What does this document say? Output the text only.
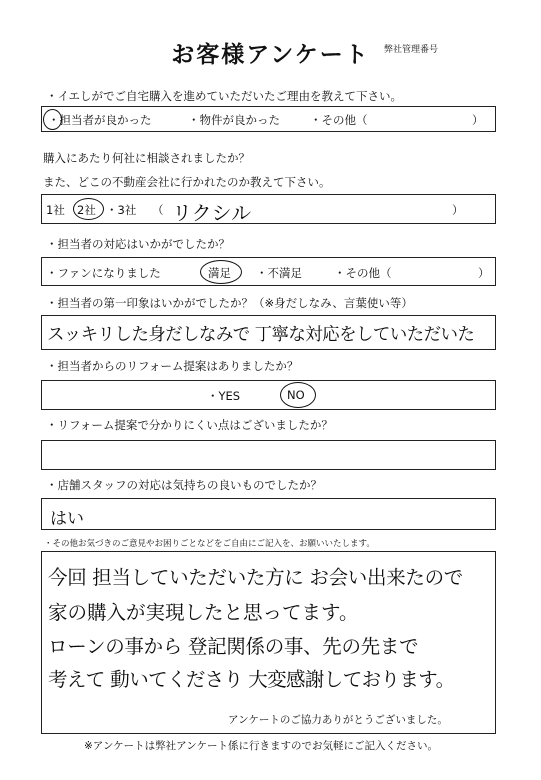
お客様アンケート	弊社管理番号
・イエしがでご自宅購入を進めていただいたご理由を教えて下さい。
・担当者が良かった	・物件が良かった	・その他（	）
購入にあたり何社に相談されましたか？
また、どこの不動産会社に行かれたのか教えて下さい。
1社 2社 ・3社 （ リクシル	）
・担当者の対応はいかがでしたか？
・ファンになりました	満足 ・不満足	・その他（	）
・担当者の第一印象はいかがでしたか？（※身だしなみ、言葉使い等）
スッキリした身だしなみで 丁寧な対応をしていただいた
・担当者からのリフォーム提案はありましたか？
・YES	NO
・リフォーム提案で分かりにくい点はございましたか？
・店舗スタッフの対応は気持ちの良いものでしたか？
はい
・その他お気づきのご意見やお困りごとなどをご自由にご記入を、お願いいたします。
今回 担当していただいた方に お会い出来たので
家の購入が実現したと思ってます。
ローンの事から 登記関係の事、先の先まで
考えて 動いてくださり 大変感謝しております。
アンケートのご協力ありがとうございました。
※アンケートは弊社アンケート係に行きますのでお気軽にご記入ください。
